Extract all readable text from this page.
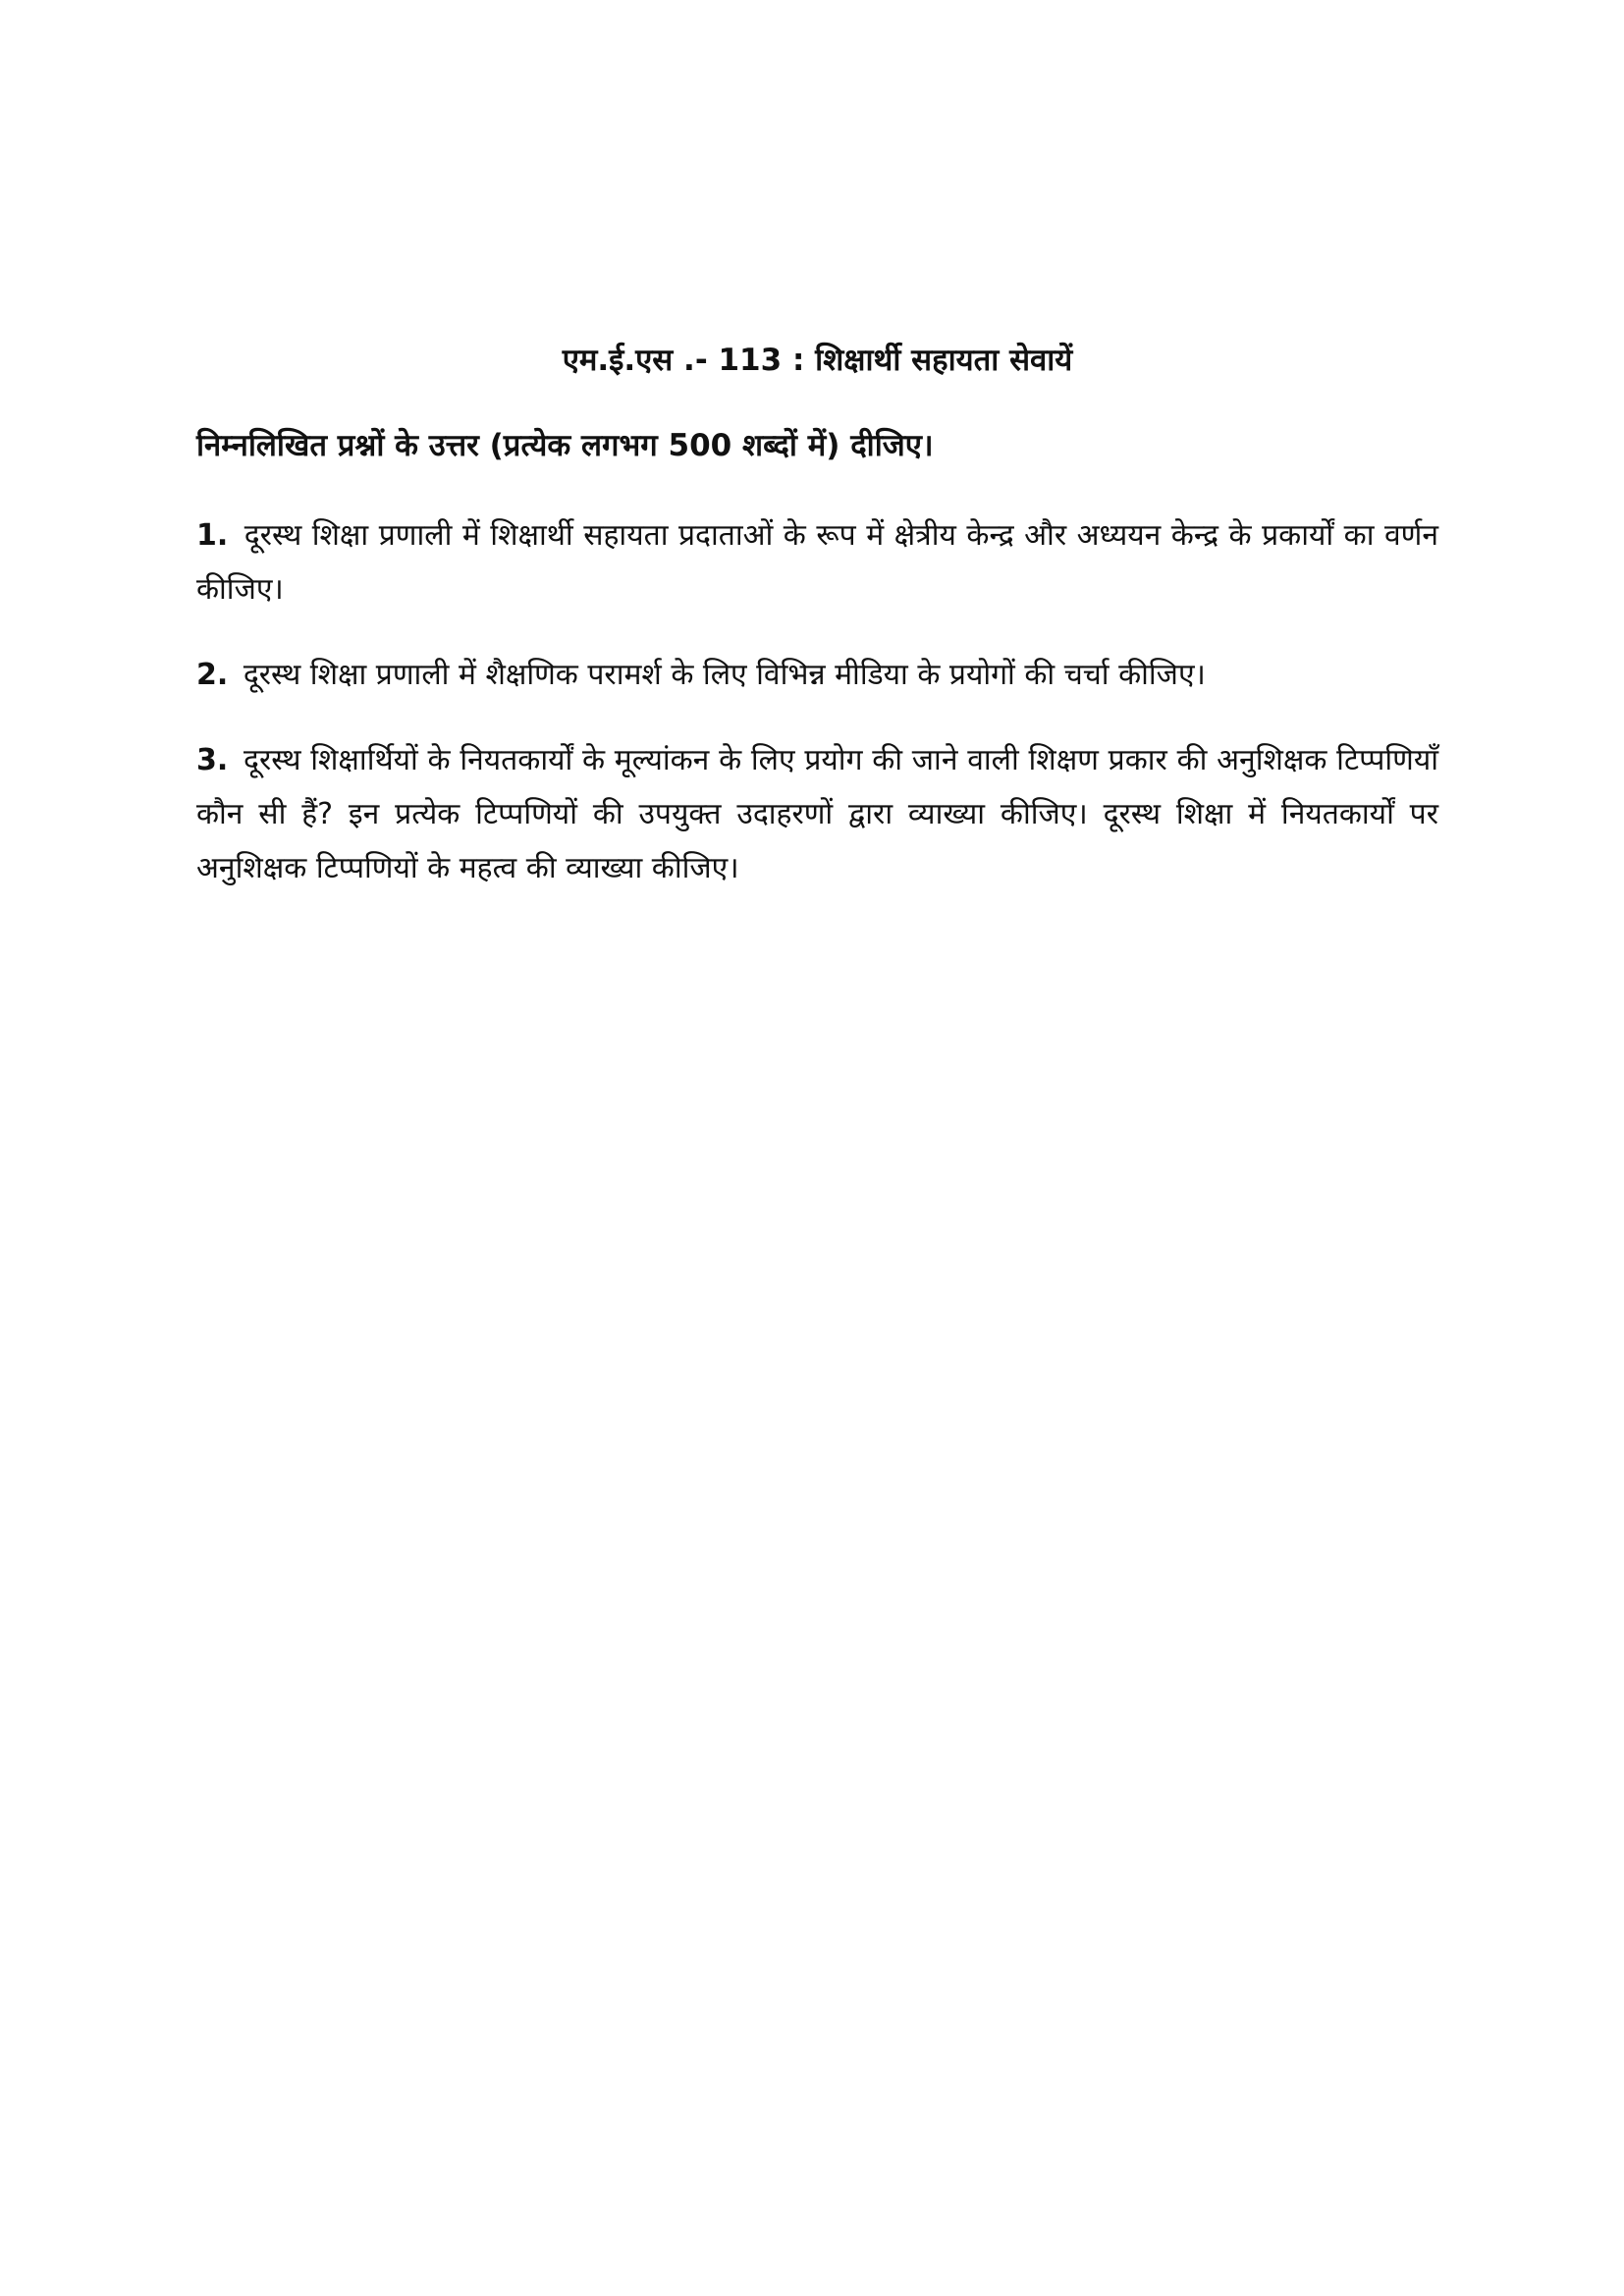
एम.ई.एस .- 113 : शिक्षार्थी सहायता सेवायें
निम्नलिखित प्रश्नों के उत्तर (प्रत्येक लगभग 500 शब्दों में) दीजिए।
1. दूरस्थ शिक्षा प्रणाली में शिक्षार्थी सहायता प्रदाताओं के रूप में क्षेत्रीय केन्द्र और अध्ययन केन्द्र के प्रकार्यों का वर्णन कीजिए।
2. दूरस्थ शिक्षा प्रणाली में शैक्षणिक परामर्श के लिए विभिन्न मीडिया के प्रयोगों की चर्चा कीजिए।
3. दूरस्थ शिक्षार्थियों के नियतकार्यों के मूल्यांकन के लिए प्रयोग की जाने वाली शिक्षण प्रकार की अनुशिक्षक टिप्पणियाँ कौन सी हैं? इन प्रत्येक टिप्पणियों की उपयुक्त उदाहरणों द्वारा व्याख्या कीजिए। दूरस्थ शिक्षा में नियतकार्यों पर अनुशिक्षक टिप्पणियों के महत्व की व्याख्या कीजिए।
